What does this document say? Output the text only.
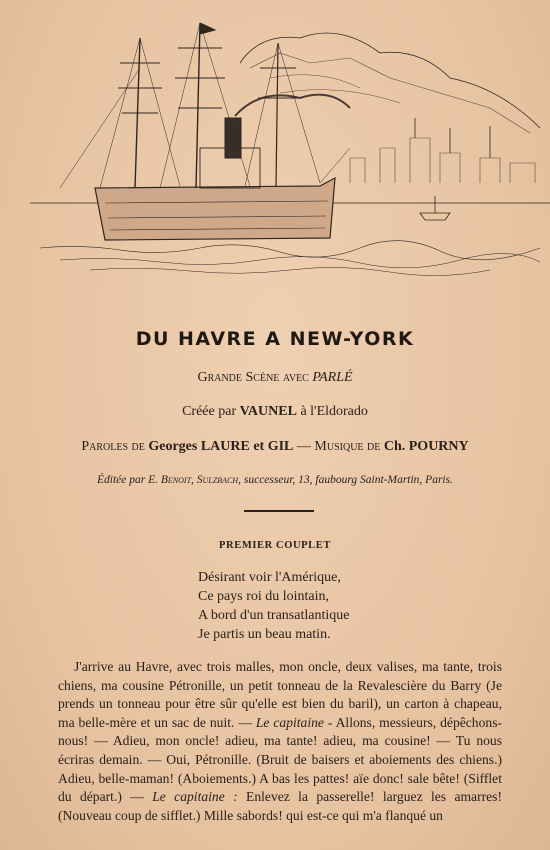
DU HAVRE A NEW-YORK
Grande Scène avec PARLÉ
Créée par VAUNEL à l'Eldorado
Paroles de Georges LAURE et GIL — Musique de Ch. POURNY
Éditée par E. Benoit, Sulzbach, successeur, 13, faubourg Saint-Martin, Paris.
PREMIER COUPLET
Désirant voir l'Amérique,
Ce pays roi du lointain,
A bord d'un transatlantique
Je partis un beau matin.
J'arrive au Havre, avec trois malles, mon oncle, deux valises, ma tante, trois chiens, ma cousine Pétronille, un petit tonneau de la Revalescière du Barry (Je prends un tonneau pour être sûr qu'elle est bien du baril), un carton à chapeau, ma belle-mère et un sac de nuit. — Le capitaine - Allons, messieurs, dépêchons-nous! — Adieu, mon oncle! adieu, ma tante! adieu, ma cousine! — Tu nous écriras demain. — Oui, Pétronille. (Bruit de baisers et aboiements des chiens.) Adieu, belle-maman! (Aboiements.) A bas les pattes! aïe donc! sale bête! (Sifflet du départ.) — Le capitaine : Enlevez la passerelle! larguez les amarres! (Nouveau coup de sifflet.) Mille sabords! qui est-ce qui m'a flanqué un
